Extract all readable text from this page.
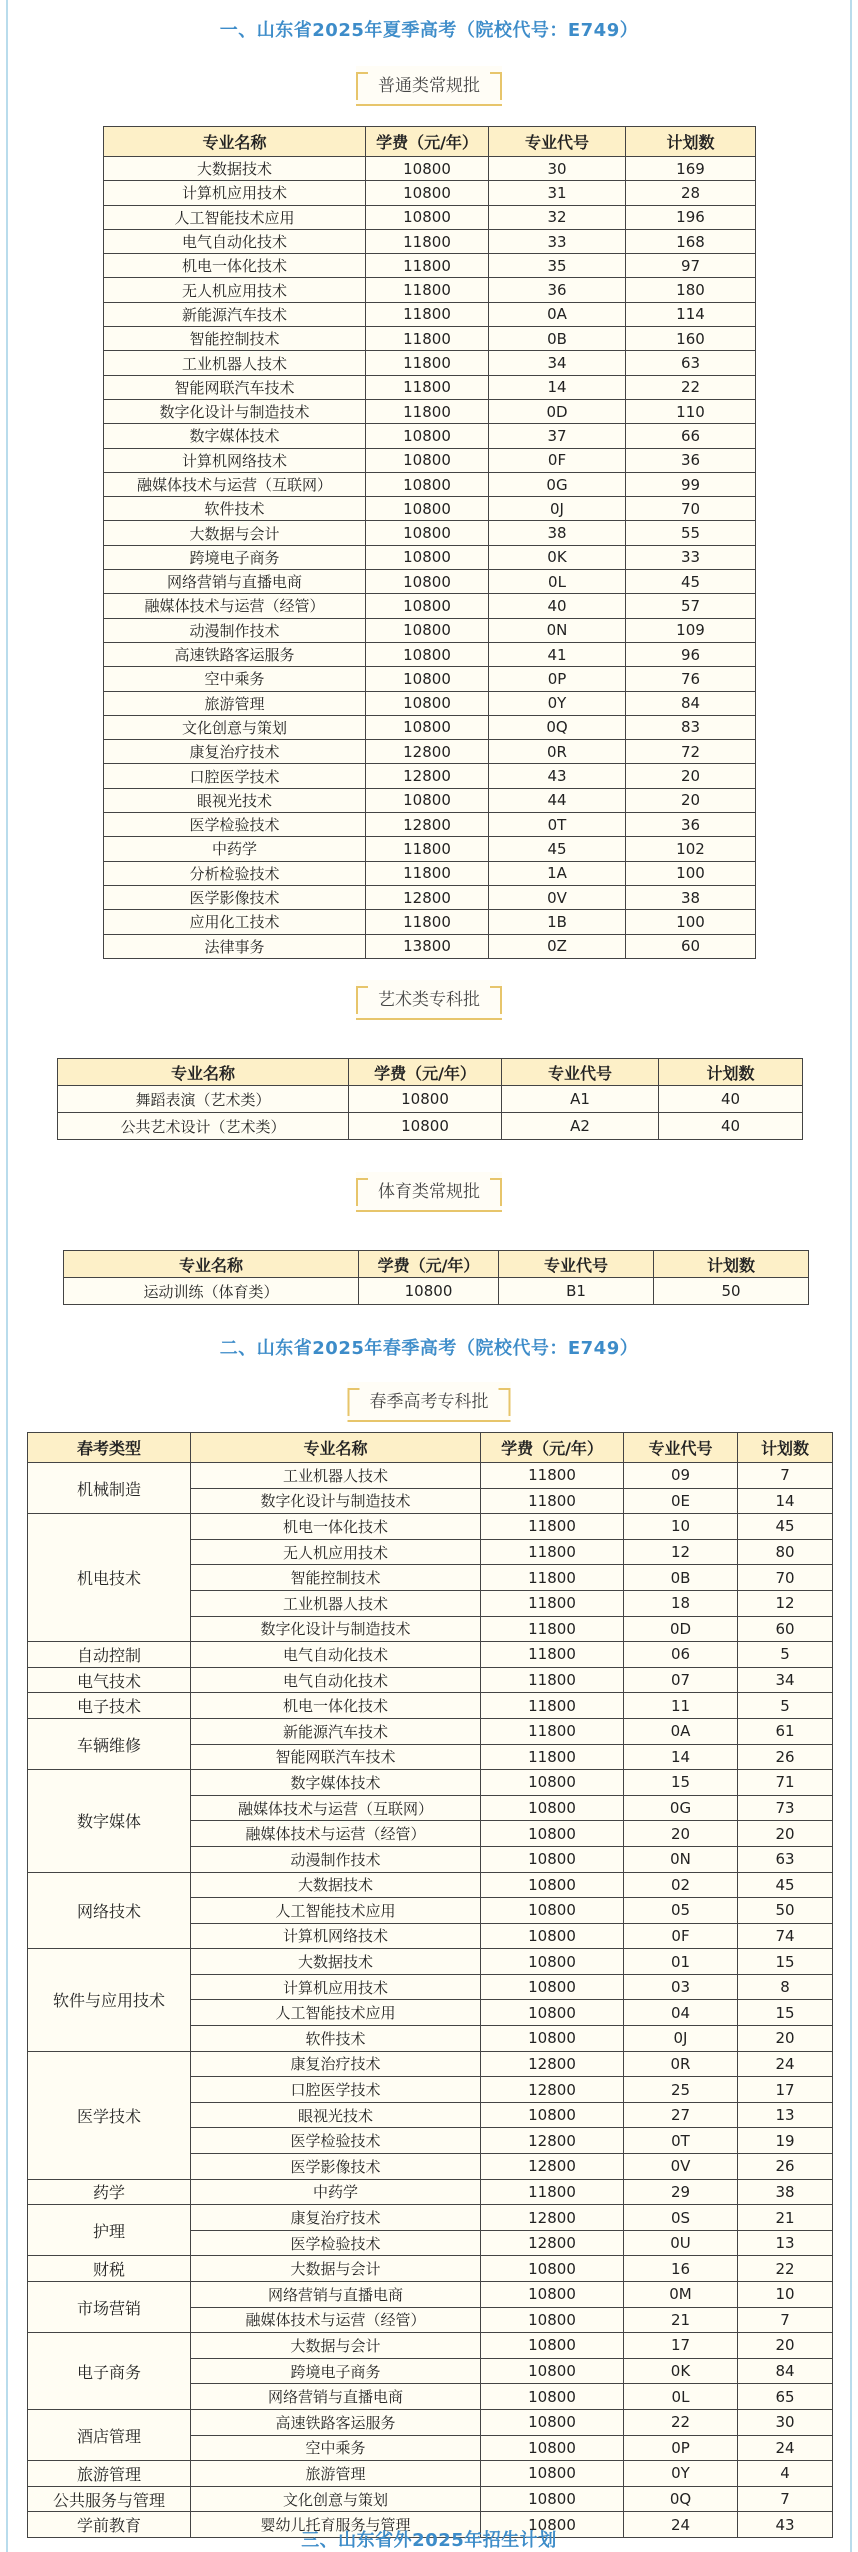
一、山东省2025年夏季高考（院校代号：E749）
普通类常规批
专业名称	学费（元/年）	专业代号	计划数
大数据技术	10800	30	169
计算机应用技术	10800	31	28
人工智能技术应用	10800	32	196
电气自动化技术	11800	33	168
机电一体化技术	11800	35	97
无人机应用技术	11800	36	180
新能源汽车技术	11800	0A	114
智能控制技术	11800	0B	160
工业机器人技术	11800	34	63
智能网联汽车技术	11800	14	22
数字化设计与制造技术	11800	0D	110
数字媒体技术	10800	37	66
计算机网络技术	10800	0F	36
融媒体技术与运营（互联网）	10800	0G	99
软件技术	10800	0J	70
大数据与会计	10800	38	55
跨境电子商务	10800	0K	33
网络营销与直播电商	10800	0L	45
融媒体技术与运营（经管）	10800	40	57
动漫制作技术	10800	0N	109
高速铁路客运服务	10800	41	96
空中乘务	10800	0P	76
旅游管理	10800	0Y	84
文化创意与策划	10800	0Q	83
康复治疗技术	12800	0R	72
口腔医学技术	12800	43	20
眼视光技术	10800	44	20
医学检验技术	12800	0T	36
中药学	11800	45	102
分析检验技术	11800	1A	100
医学影像技术	12800	0V	38
应用化工技术	11800	1B	100
法律事务	13800	0Z	60
艺术类专科批
专业名称	学费（元/年）	专业代号	计划数
舞蹈表演（艺术类）	10800	A1	40
公共艺术设计（艺术类）	10800	A2	40
体育类常规批
专业名称	学费（元/年）	专业代号	计划数
运动训练（体育类）	10800	B1	50
二、山东省2025年春季高考（院校代号：E749）
春季高考专科批
春考类型	专业名称	学费（元/年）	专业代号	计划数
机械制造	工业机器人技术	11800	09	7
	数字化设计与制造技术	11800	0E	14
机电技术	机电一体化技术	11800	10	45
	无人机应用技术	11800	12	80
	智能控制技术	11800	0B	70
	工业机器人技术	11800	18	12
	数字化设计与制造技术	11800	0D	60
自动控制	电气自动化技术	11800	06	5
电气技术	电气自动化技术	11800	07	34
电子技术	机电一体化技术	11800	11	5
车辆维修	新能源汽车技术	11800	0A	61
	智能网联汽车技术	11800	14	26
数字媒体	数字媒体技术	10800	15	71
	融媒体技术与运营（互联网）	10800	0G	73
	融媒体技术与运营（经管）	10800	20	20
	动漫制作技术	10800	0N	63
网络技术	大数据技术	10800	02	45
	人工智能技术应用	10800	05	50
	计算机网络技术	10800	0F	74
软件与应用技术	大数据技术	10800	01	15
	计算机应用技术	10800	03	8
	人工智能技术应用	10800	04	15
	软件技术	10800	0J	20
医学技术	康复治疗技术	12800	0R	24
	口腔医学技术	12800	25	17
	眼视光技术	10800	27	13
	医学检验技术	12800	0T	19
	医学影像技术	12800	0V	26
药学	中药学	11800	29	38
护理	康复治疗技术	12800	0S	21
	医学检验技术	12800	0U	13
财税	大数据与会计	10800	16	22
市场营销	网络营销与直播电商	10800	0M	10
	融媒体技术与运营（经管）	10800	21	7
电子商务	大数据与会计	10800	17	20
	跨境电子商务	10800	0K	84
	网络营销与直播电商	10800	0L	65
酒店管理	高速铁路客运服务	10800	22	30
	空中乘务	10800	0P	24
旅游管理	旅游管理	10800	0Y	4
公共服务与管理	文化创意与策划	10800	0Q	7
学前教育	婴幼儿托育服务与管理	10800	24	43
三、山东省外2025年招生计划
